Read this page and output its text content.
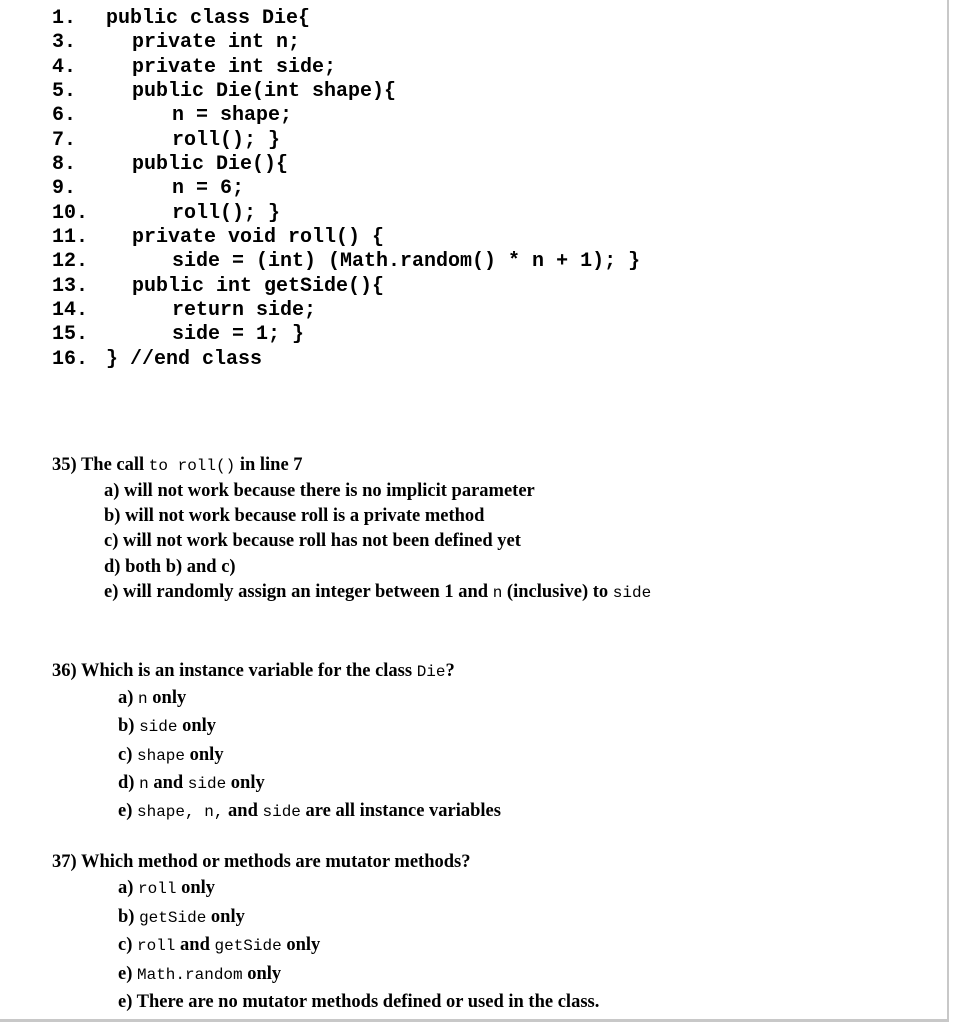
1. public class Die{
3.	private int n;
4.	private int side;
5.	public Die(int shape){
6.	n = shape;
7.	roll(); }
8.	public Die(){
9.	n = 6;
10.	roll(); }
11. private void roll() {
12.	side = (int) (Math.random() * n + 1); }
13. public int getSide(){
14.	return side;
15.	side = 1; }
16. } //end class
35) The call to roll() in line 7
a) will not work because there is no implicit parameter
b) will not work because roll is a private method
c) will not work because roll has not been defined yet
d) both b) and c)
e) will randomly assign an integer between 1 and n (inclusive) to side
36) Which is an instance variable for the class Die?
a) n only
b) side only
c) shape only
d) n and side only
e) shape, n, and side are all instance variables
37) Which method or methods are mutator methods?
a) roll only
b) getSide only
c) roll and getSide only
e) Math.random only
e) There are no mutator methods defined or used in the class.
